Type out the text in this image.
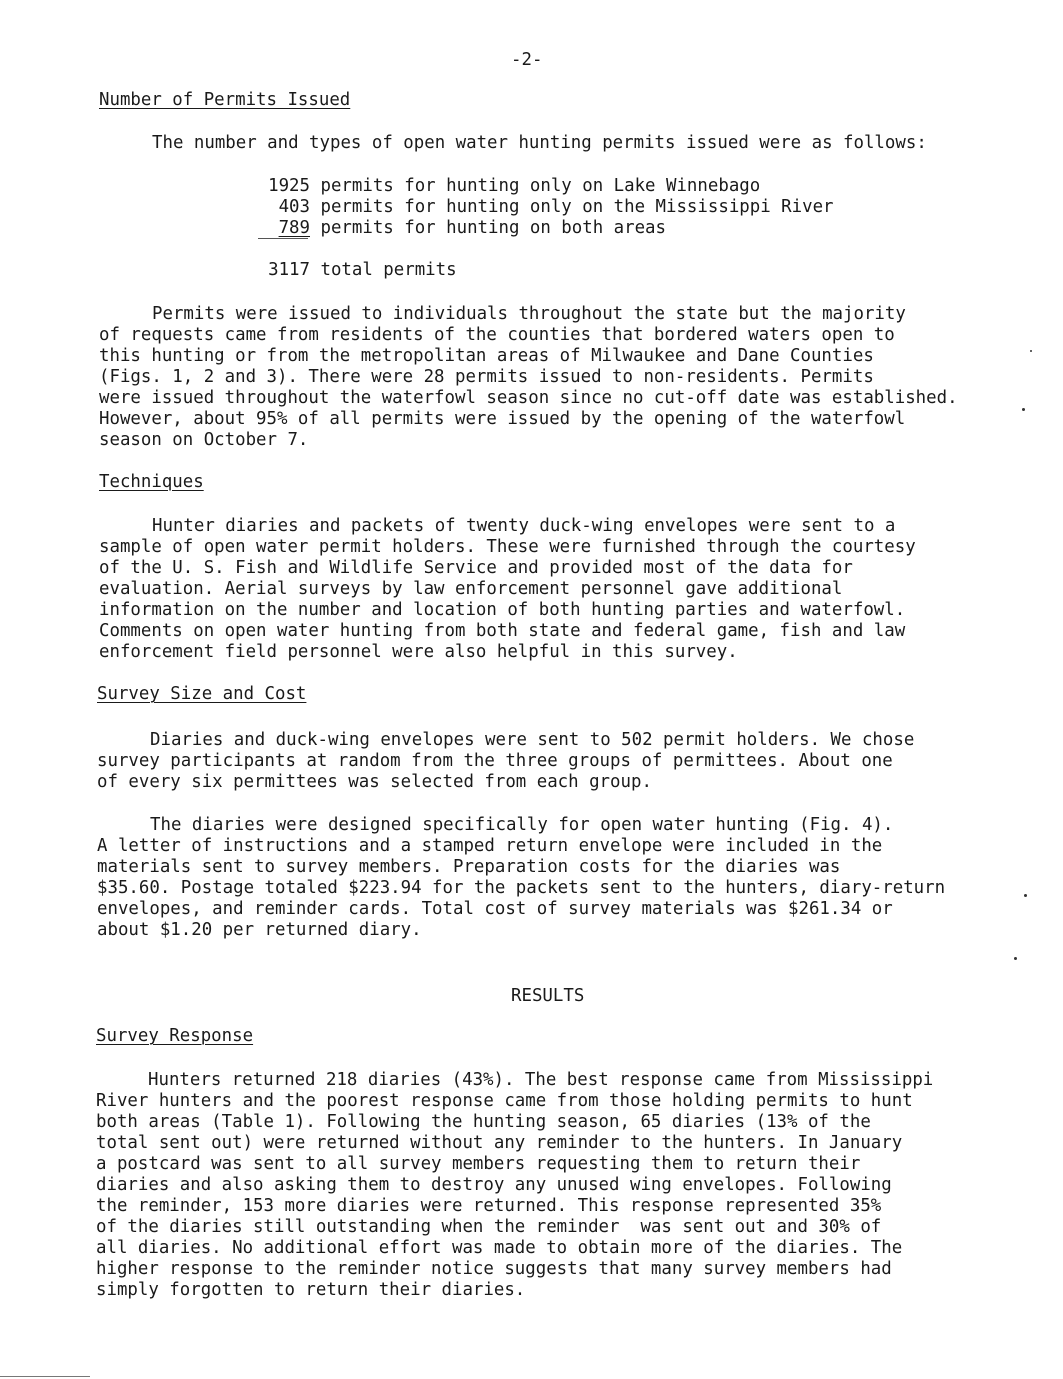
-2-
Number of Permits Issued
The number and types of open water hunting permits issued were as follows:
1925 permits for hunting only on Lake Winnebago
403 permits for hunting only on the Mississippi River
789 permits for hunting on both areas
3117 total permits
Permits were issued to individuals throughout the state but the majority
of requests came from residents of the counties that bordered waters open to
this hunting or from the metropolitan areas of Milwaukee and Dane Counties
(Figs. 1, 2 and 3). There were 28 permits issued to non-residents. Permits
were issued throughout the waterfowl season since no cut-off date was established.
However, about 95% of all permits were issued by the opening of the waterfowl
season on October 7.
Techniques
Hunter diaries and packets of twenty duck-wing envelopes were sent to a
sample of open water permit holders. These were furnished through the courtesy
of the U. S. Fish and Wildlife Service and provided most of the data for
evaluation. Aerial surveys by law enforcement personnel gave additional
information on the number and location of both hunting parties and waterfowl.
Comments on open water hunting from both state and federal game, fish and law
enforcement field personnel were also helpful in this survey.
Survey Size and Cost
Diaries and duck-wing envelopes were sent to 502 permit holders. We chose
survey participants at random from the three groups of permittees. About one
of every six permittees was selected from each group.
The diaries were designed specifically for open water hunting (Fig. 4).
A letter of instructions and a stamped return envelope were included in the
materials sent to survey members. Preparation costs for the diaries was
$35.60. Postage totaled $223.94 for the packets sent to the hunters, diary-return
envelopes, and reminder cards. Total cost of survey materials was $261.34 or
about $1.20 per returned diary.
RESULTS
Survey Response
Hunters returned 218 diaries (43%). The best response came from Mississippi
River hunters and the poorest response came from those holding permits to hunt
both areas (Table 1). Following the hunting season, 65 diaries (13% of the
total sent out) were returned without any reminder to the hunters. In January
a postcard was sent to all survey members requesting them to return their
diaries and also asking them to destroy any unused wing envelopes. Following
the reminder, 153 more diaries were returned. This response represented 35%
of the diaries still outstanding when the reminder  was sent out and 30% of
all diaries. No additional effort was made to obtain more of the diaries. The
higher response to the reminder notice suggests that many survey members had
simply forgotten to return their diaries.
